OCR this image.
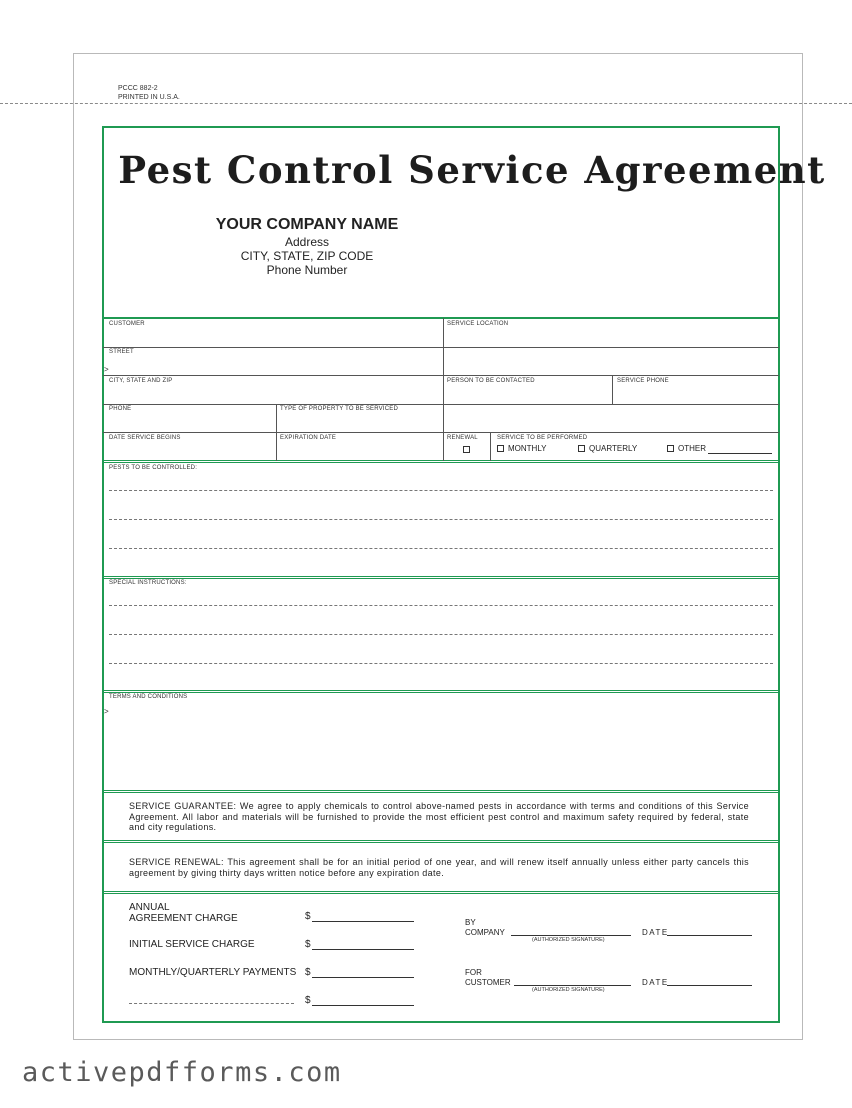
PCCC 882-2
PRINTED IN U.S.A.
Pest Control Service Agreement
YOUR COMPANY NAME
Address
CITY, STATE, ZIP CODE
Phone Number
CUSTOMER	SERVICE LOCATION
STREET
>
CITY, STATE AND ZIP	PERSON TO BE CONTACTED	SERVICE PHONE
PHONE	TYPE OF PROPERTY TO BE SERVICED
DATE SERVICE BEGINS	EXPIRATION DATE	RENEWAL	SERVICE TO BE PERFORMED
MONTHLY	QUARTERLY	OTHER
PESTS TO BE CONTROLLED:
SPECIAL INSTRUCTIONS:
TERMS AND CONDITIONS
>
SERVICE GUARANTEE: We agree to apply chemicals to control above-named pests in accordance with terms and conditions of this Service Agreement. All labor and materials will be furnished to provide the most efficient pest control and maximum safety required by federal, state and city regulations.
SERVICE RENEWAL: This agreement shall be for an initial period of one year, and will renew itself annually unless either party cancels this agreement by giving thirty days written notice before any expiration date.
ANNUAL
AGREEMENT CHARGE	$
INITIAL SERVICE CHARGE	$
MONTHLY/QUARTERLY PAYMENTS $
$
BY
COMPANY
(AUTHORIZED SIGNATURE)
DATE
FOR
CUSTOMER
(AUTHORIZED SIGNATURE)
DATE
activepdfforms.com
